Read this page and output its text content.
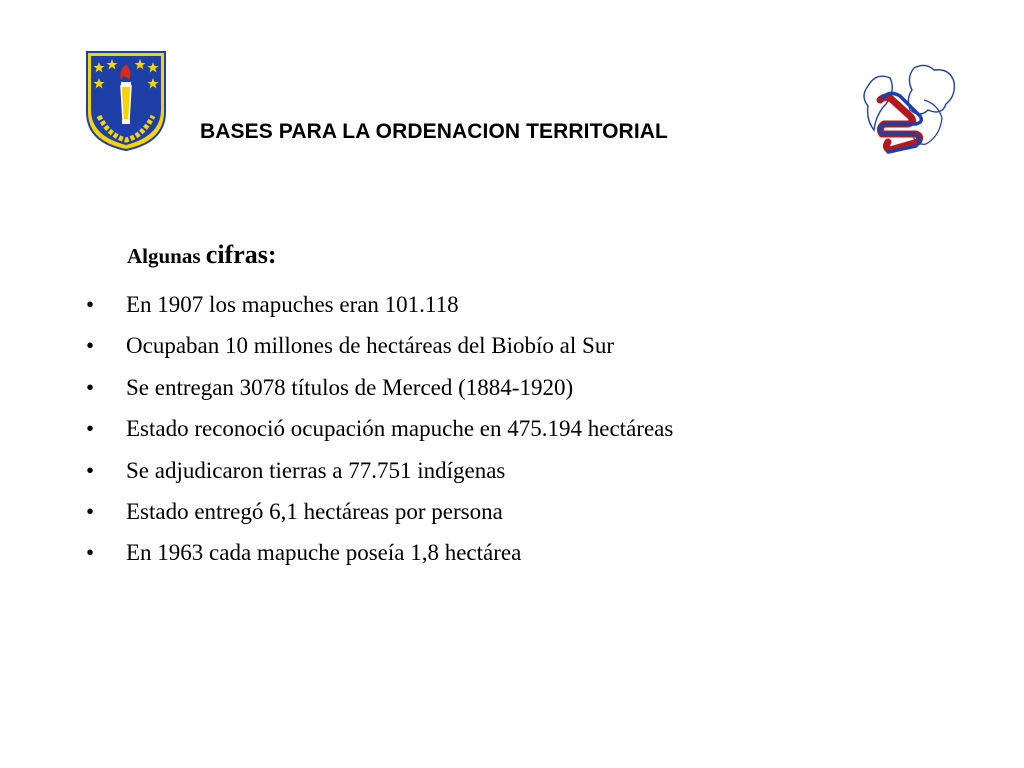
BASES PARA LA ORDENACION TERRITORIAL
Algunas cifras:
•	En 1907 los mapuches eran 101.118
•	Ocupaban 10 millones de hectáreas del Biobío al Sur
•	Se entregan 3078 títulos de Merced (1884-1920)
•	Estado reconoció ocupación mapuche en 475.194 hectáreas
•	Se adjudicaron tierras a 77.751 indígenas
•	Estado entregó 6,1 hectáreas por persona
•	En 1963 cada mapuche poseía 1,8 hectárea
